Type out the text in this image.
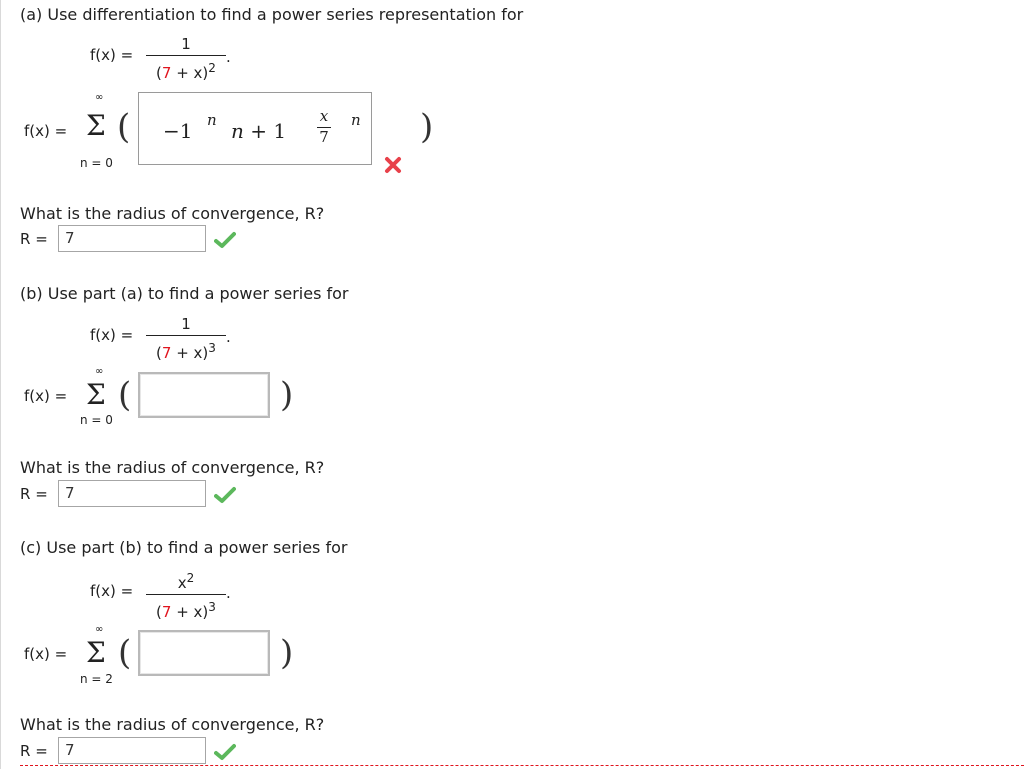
(a) Use differentiation to find a power series representation for
f(x) =
1
$(7 + x)^2$
.
f(x) =
∞
Σ
n = 0
( −1 n n + 1
x
7
n )
What is the radius of convergence, R?
R =	7
(b) Use part (a) to find a power series for
f(x) =
1
$(7 + x)^3$
.
f(x) =
∞
Σ
n = 0
(	)
What is the radius of convergence, R?
R =	7
(c) Use part (b) to find a power series for
f(x) =	$x^2$
$(7 + x)^3$
.
f(x) =
∞
Σ
n = 2
(	)
What is the radius of convergence, R?
R =	7
